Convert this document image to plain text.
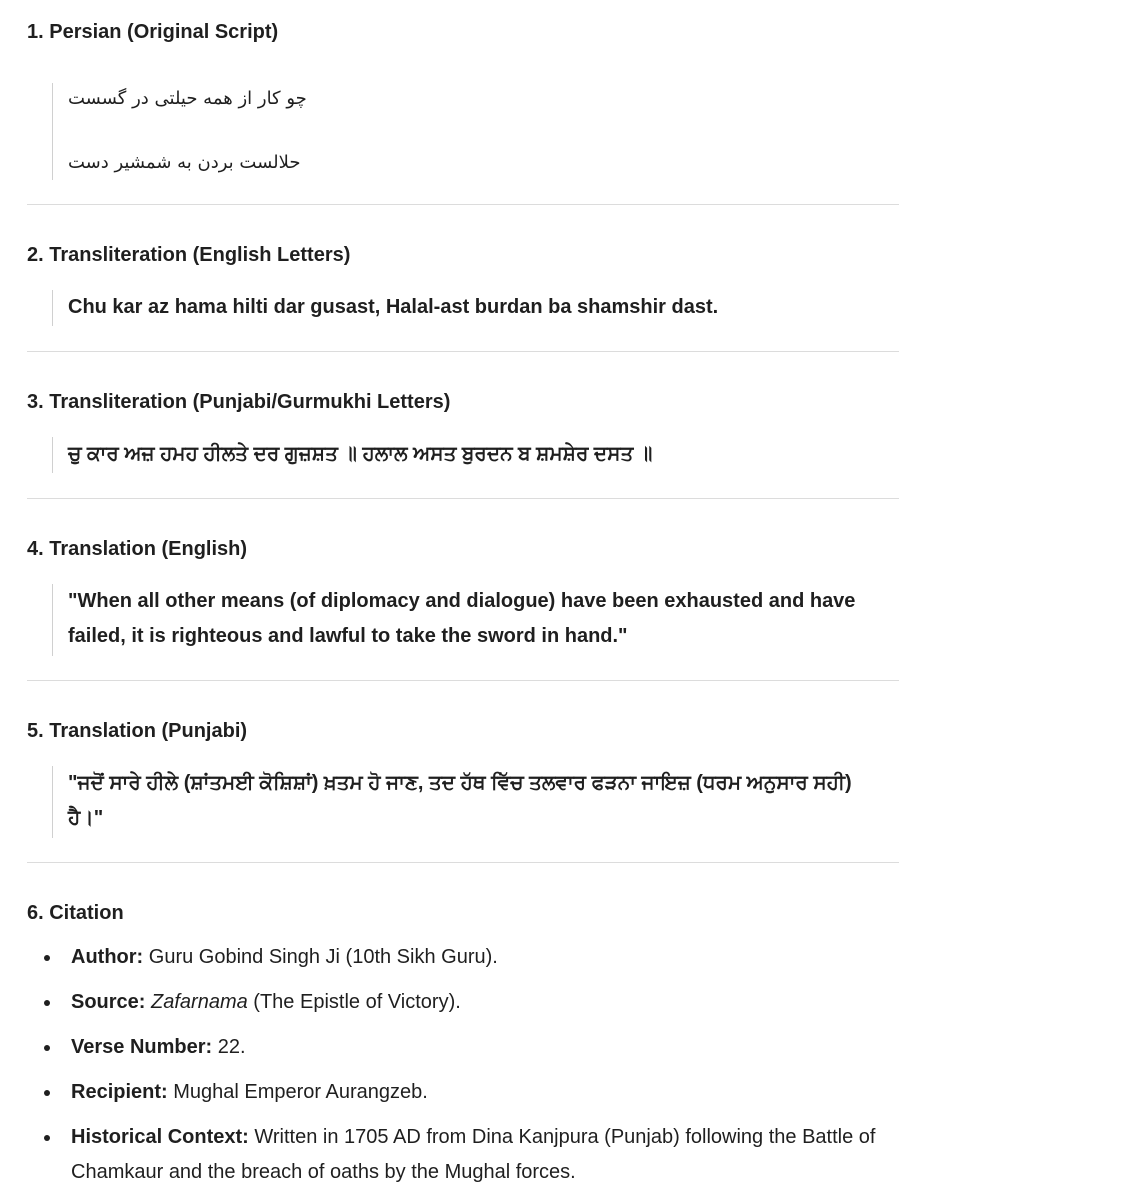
1. Persian (Original Script)

چو کار از همه حیلتی در گسست

حلالست بردن به شمشیر دست

2. Transliteration (English Letters)

Chu kar az hama hilti dar gusast, Halal-ast burdan ba shamshir dast.

3. Transliteration (Punjabi/Gurmukhi Letters)

ਚੁ ਕਾਰ ਅਜ਼ ਹਮਹ ਹੀਲਤੇ ਦਰ ਗੁਜ਼ਸ਼ਤ ॥ ਹਲਾਲ ਅਸਤ ਬੁਰਦਨ ਬ ਸ਼ਮਸ਼ੇਰ ਦਸਤ ॥

4. Translation (English)

"When all other means (of diplomacy and dialogue) have been exhausted and have failed, it is righteous and lawful to take the sword in hand."

5. Translation (Punjabi)

"ਜਦੋਂ ਸਾਰੇ ਹੀਲੇ (ਸ਼ਾਂਤਮਈ ਕੋਸ਼ਿਸ਼ਾਂ) ਖ਼ਤਮ ਹੋ ਜਾਣ, ਤਦ ਹੱਥ ਵਿੱਚ ਤਲਵਾਰ ਫੜਨਾ ਜਾਇਜ਼ (ਧਰਮ ਅਨੁਸਾਰ ਸਹੀ) ਹੈ।"

6. Citation
Author: Guru Gobind Singh Ji (10th Sikh Guru).
Source: Zafarnama (The Epistle of Victory).
Verse Number: 22.
Recipient: Mughal Emperor Aurangzeb.
Historical Context: Written in 1705 AD from Dina Kanjpura (Punjab) following the Battle of Chamkaur and the breach of oaths by the Mughal forces.
